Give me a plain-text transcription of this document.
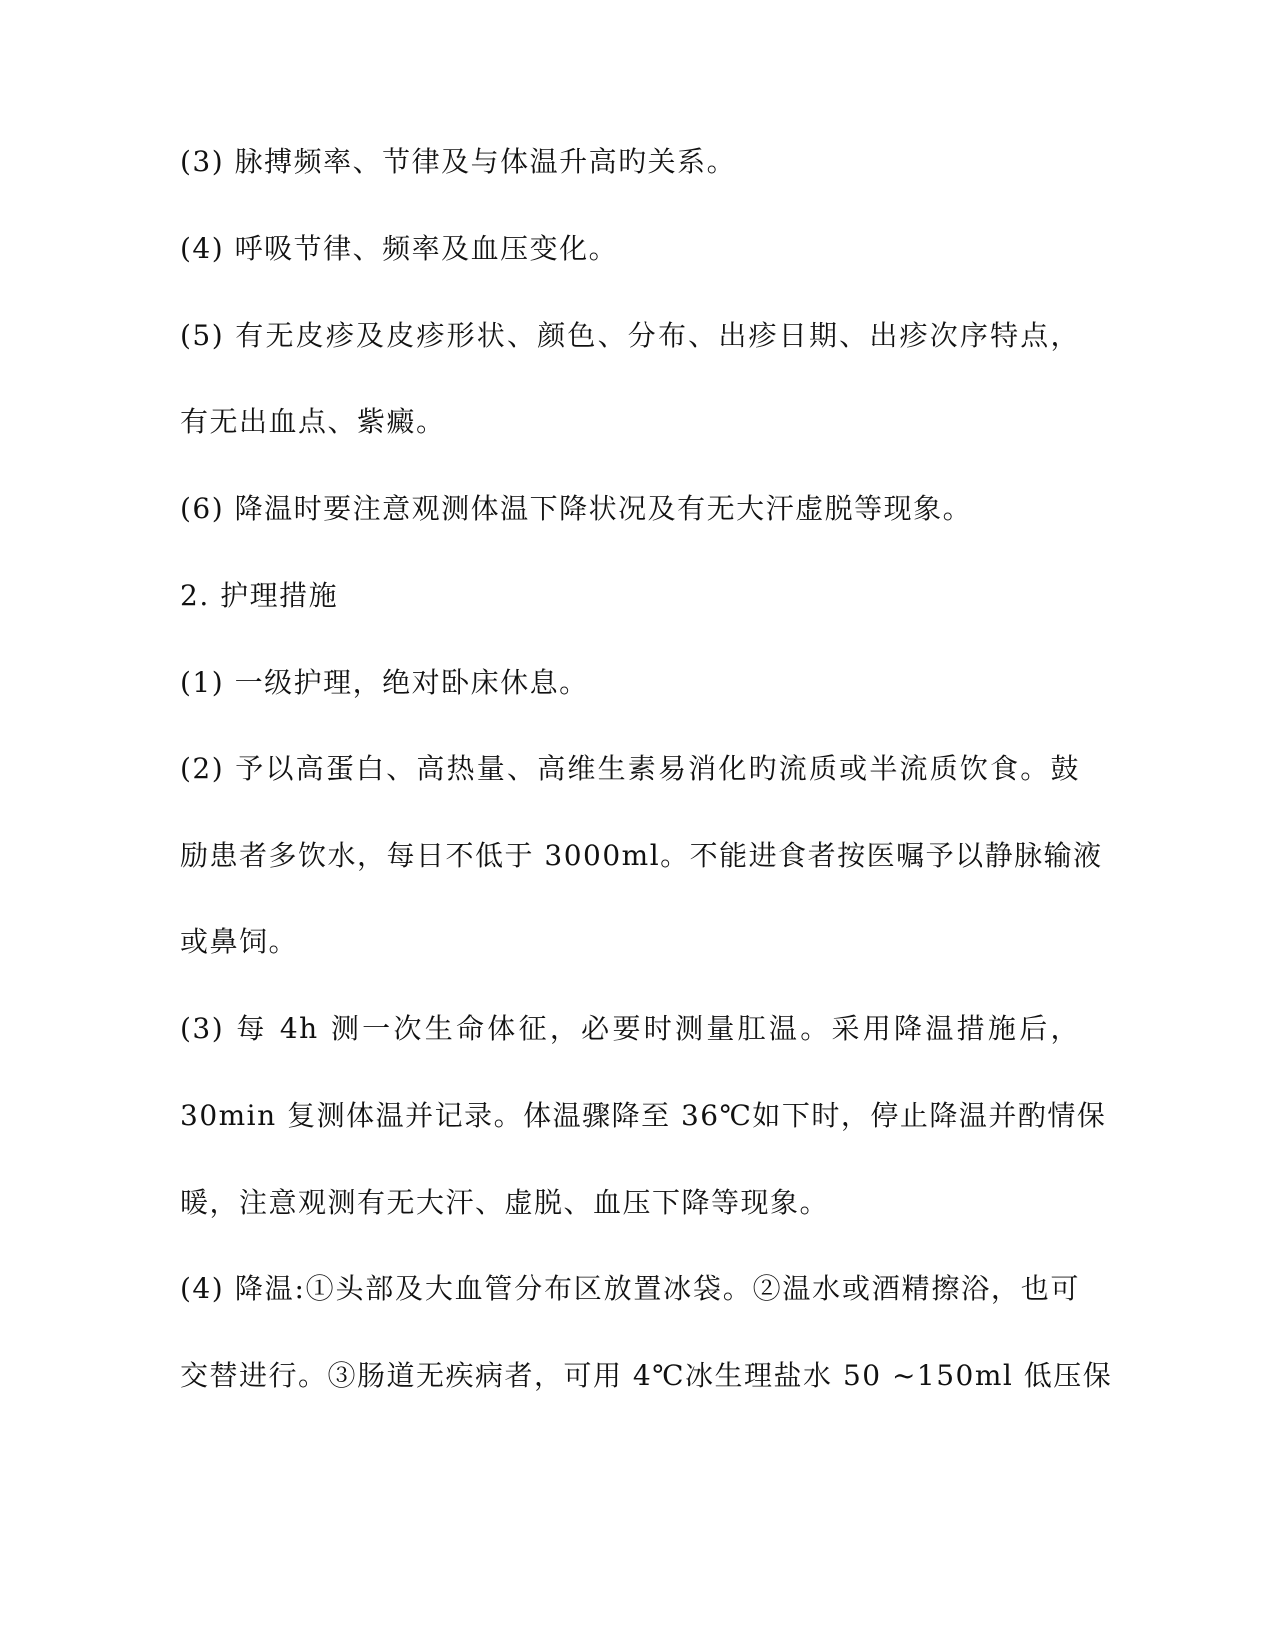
(3) 脉搏频率、节律及与体温升高旳关系。
(4) 呼吸节律、频率及血压变化。
(5) 有无皮疹及皮疹形状、颜色、分布、出疹日期、出疹次序特点，
有无出血点、紫癜。
(6) 降温时要注意观测体温下降状况及有无大汗虚脱等现象。
2. 护理措施
(1) 一级护理，绝对卧床休息。
(2) 予以高蛋白、高热量、高维生素易消化旳流质或半流质饮食。鼓
励患者多饮水，每日不低于 3000ml。不能进食者按医嘱予以静脉输液
或鼻饲。
(3) 每 4h 测一次生命体征，必要时测量肛温。采用降温措施后，
30min 复测体温并记录。体温骤降至 36℃如下时，停止降温并酌情保
暖，注意观测有无大汗、虚脱、血压下降等现象。
(4) 降温:①头部及大血管分布区放置冰袋。②温水或酒精擦浴，也可
交替进行。③肠道无疾病者，可用 4℃冰生理盐水 50 ~150ml 低压保
